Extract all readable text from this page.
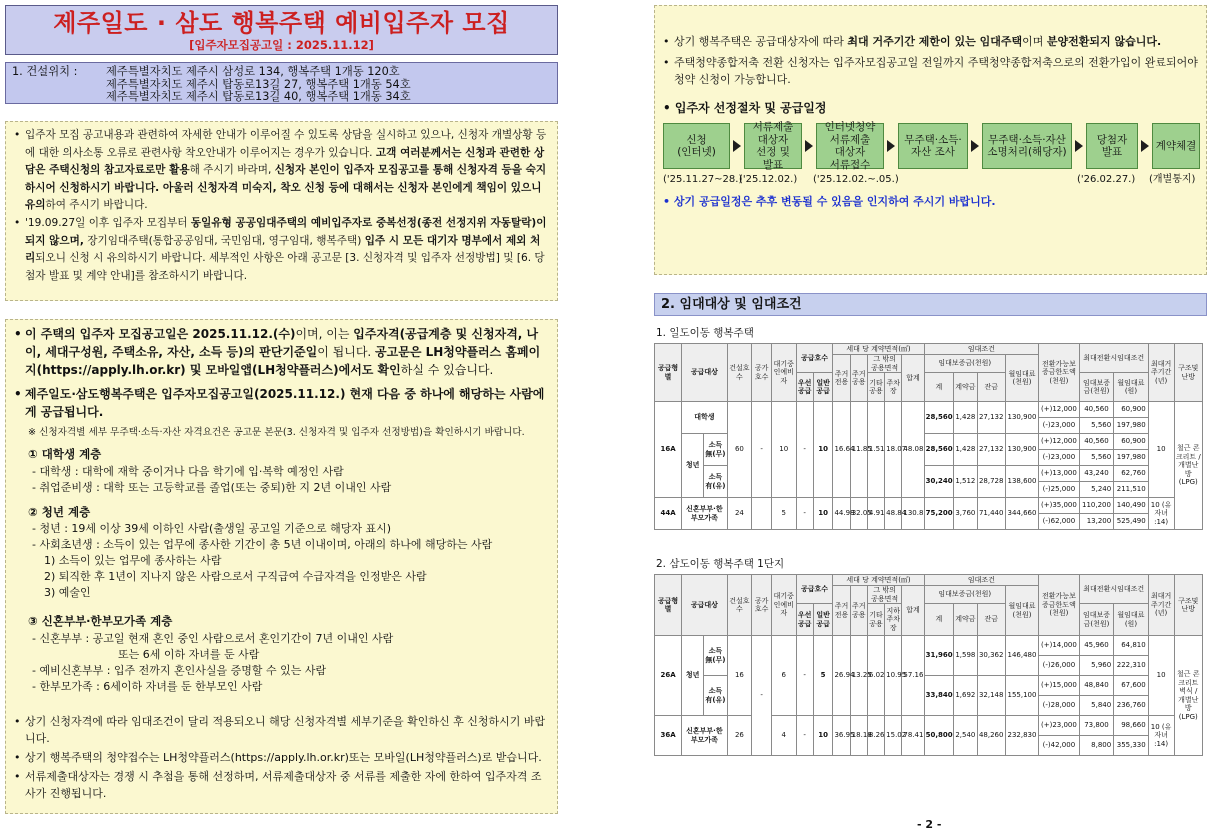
제주일도 · 삼도 행복주택 예비입주자 모집
[입주자모집공고일 : 2025.11.12]
1. 건설위치 :	제주특별자치도 제주시 삼성로 134, 행복주택 1개동 120호
제주특별자치도 제주시 탑동로13길 27, 행복주택 1개동 54호
제주특별자치도 제주시 탑동로13길 40, 행복주택 1개동 34호
• 입주자 모집 공고내용과 관련하여 자세한 안내가 이루어질 수 있도록 상담을 실시하고 있으나, 신청자 개별상황 등에 대한 의사소통 오류로 관련사항 착오안내가 이루어지는 경우가 있습니다. 고객 여러분께서는 신청과 관련한 상담은 주택신청의 참고자료로만 활용해 주시기 바라며, 신청자 본인이 입주자 모집공고를 통해 신청자격 등을 숙지하시어 신청하시기 바랍니다. 아울러 신청자격 미숙지, 착오 신청 등에 대해서는 신청자 본인에게 책임이 있으니 유의하여 주시기 바랍니다.
• '19.09.27일 이후 입주자 모집부터 동일유형 공공임대주택의 예비입주자로 중복선정(종전 선정지위 자동탈락)이 되지 않으며, 장기임대주택(통합공공임대, 국민임대, 영구임대, 행복주택) 입주 시 모든 대기자 명부에서 제외 처리되오니 신청 시 유의하시기 바랍니다. 세부적인 사항은 아래 공고문 [3. 신청자격 및 입주자 선정방법] 및 [6. 당첨자 발표 및 계약 안내]를 참조하시기 바랍니다.
• 이 주택의 입주자 모집공고일은 2025.11.12.(수)이며, 이는 입주자격(공급계층 및 신청자격, 나이, 세대구성원, 주택소유, 자산, 소득 등)의 판단기준일이 됩니다. 공고문은 LH청약플러스 홈페이지(https://apply.lh.or.kr) 및 모바일앱(LH청약플러스)에서도 확인하실 수 있습니다.
• 제주일도·삼도행복주택은 입주자모집공고일(2025.11.12.) 현재 다음 중 하나에 해당하는 사람에게 공급됩니다.
※ 신청자격별 세부 무주택·소득·자산 자격요건은 공고문 본문(3. 신청자격 및 입주자 선정방법)을 확인하시기 바랍니다.
① 대학생 계층
- 대학생 : 대학에 재학 중이거나 다음 학기에 입·복학 예정인 사람
- 취업준비생 : 대학 또는 고등학교를 졸업(또는 중퇴)한 지 2년 이내인 사람
② 청년 계층
- 청년 : 19세 이상 39세 이하인 사람(출생일 공고일 기준으로 해당자 표시)
- 사회초년생 : 소득이 있는 업무에 종사한 기간이 총 5년 이내이며, 아래의 하나에 해당하는 사람
1) 소득이 있는 업무에 종사하는 사람
2) 퇴직한 후 1년이 지나지 않은 사람으로서 구직급여 수급자격을 인정받은 사람
3) 예술인
③ 신혼부부·한부모가족 계층
- 신혼부부 : 공고일 현재 혼인 중인 사람으로서 혼인기간이 7년 이내인 사람
또는 6세 이하 자녀를 둔 사람
- 예비신혼부부 : 입주 전까지 혼인사실을 증명할 수 있는 사람
- 한부모가족 : 6세이하 자녀를 둔 한부모인 사람
• 상기 신청자격에 따라 임대조건이 달리 적용되오니 해당 신청자격별 세부기준을 확인하신 후 신청하시기 바랍니다.
• 상기 행복주택의 청약접수는 LH청약플러스(https://apply.lh.or.kr)또는 모바일(LH청약플러스)로 받습니다.
• 서류제출대상자는 경쟁 시 추첨을 통해 선정하며, 서류제출대상자 중 서류를 제출한 자에 한하여 입주자격 조사가 진행됩니다.
• 상기 행복주택은 공급대상자에 따라 최대 거주기간 제한이 있는 임대주택이며 분양전환되지 않습니다.
• 주택청약종합저축 전환 신청자는 입주자모집공고일 전일까지 주택청약종합저축으로의 전환가입이 완료되어야 청약 신청이 가능합니다.
• 입주자 선정절차 및 공급일정
신청
(인터넷)
서류제출
대상자
선정 및
발표
인터넷청약
서류제출
대상자
서류접수
무주택·소득·
자산 조사
무주택·소득·자산
소명처리(해당자)
당첨자
발표
계약체결
('25.11.27~28.)
('25.12.02.) ('25.12.02.~.05.)	('26.02.27.) (개별통지)
• 상기 공급일정은 추후 변동될 수 있음을 인지하여 주시기 바랍니다.
2. 임대대상 및 임대조건
1. 일도이동 행복주택
공급형별	공급대상		건설호수	공가호수	대기중인예비자	공급호수		세대 당 계약면적(㎡)					임대조건				전환가능보증금한도액(천원)	최대전환시임대조건		최대거주기간(년)	구조및난방
								주거전용	주거공용	그 밖의 공용면적		합계	임대보증금(천원)			월임대료(천원)					
						우선공급	일반공급			기타공용	주차장		계	계약금	잔금			임대보증금(천원)	월임대료(원)		
16A	대학생		60	-	10	-	10	16.64	11.85	1.51	18.07	48.08	28,560	1,428	27,132	130,900	(+)12,000	40,560	60,900	10	철근 콘크리트 / 개별난방 (LPG)
																	(-)23,000	5,560	197,980		
	청년	소득無(무)											28,560	1,428	27,132	130,900	(+)12,000	40,560	60,900		
																	(-)23,000	5,560	197,980		
		소득有(유)											30,240	1,512	28,728	138,600	(+)13,000	43,240	62,760		
																	(-)25,000	5,240	211,510		
44A	신혼부부·한부모가족		24		5	-	10	44.98	32.05	4.91	48.84	130.8	75,200	3,760	71,440	344,660	(+)35,000	110,200	140,490	10 (유자녀 :14)	
																	(-)62,000	13,200	525,490		
2. 삼도이동 행복주택 1단지
공급형별	공급대상		건설호수	공가호수	대기중인예비자	공급호수		세대 당 계약면적(㎡)					임대조건				전환가능보증금한도액(천원)	최대전환시임대조건		최대거주기간(년)	구조및난방
								주거전용	주거공용	그 밖의 공용면적		합계	임대보증금(천원)			월임대료(천원)					
						우선공급	일반공급			기타공용	지하주차장		계	계약금	잔금			임대보증금(천원)	월임대료(원)		
26A	청년	소득無(무)	16	-	6	-	5	26.94	13.25	6.02	10.95	57.16	31,960	1,598	30,362	146,480	(+)14,000	45,960	64,810	10	철근 콘크리트 벽식 / 개별난방 (LPG)
																	(-)26,000	5,960	222,310		
		소득有(유)											33,840	1,692	32,148	155,100	(+)15,000	48,840	67,600		
																	(-)28,000	5,840	236,760		
36A	신혼부부·한부모가족		26		4	-	10	36.95	18.18	8.26	15.02	78.41	50,800	2,540	48,260	232,830	(+)23,000	73,800	98,660	10 (유자녀 :14)	
																	(-)42,000	8,800	355,330		
- 2 -
